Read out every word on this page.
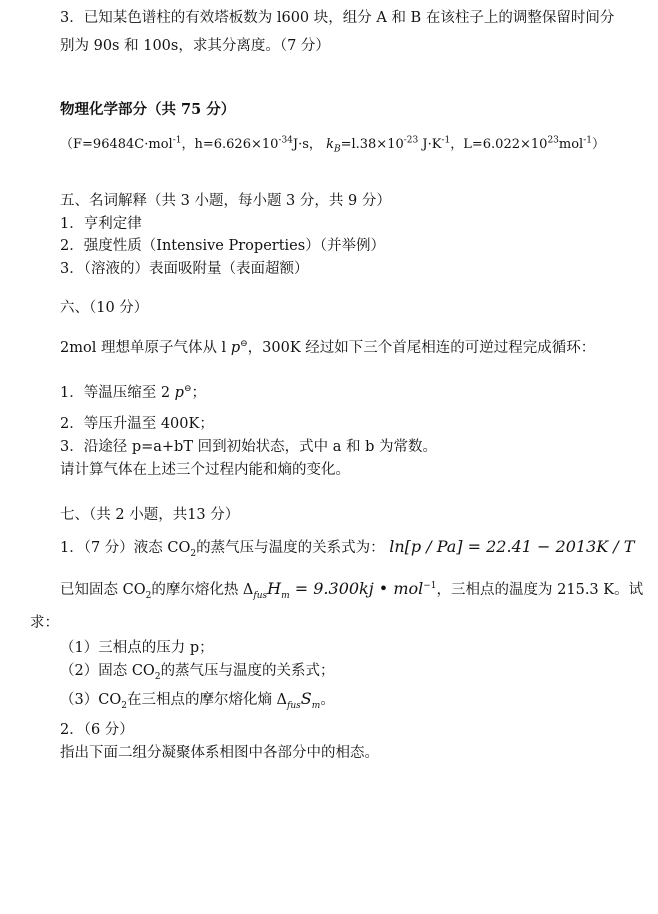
3．已知某色谱柱的有效塔板数为 l600 块，组分 A 和 B 在该柱子上的调整保留时间分
别为 90s 和 100s，求其分离度。（7 分）
物理化学部分（共 75 分）
（F=96484C·mol$^{-1}$，$h=6.626\times 10^{-34}J\cdot s$， $k_B=l.38\times 10^{-23}$ $J\cdot K^{-1}$，$L=6.022\times 10^{23}mol^{-1}$）
五、名词解释（共 3 小题，每小题 3 分，共 9 分）
1．亨利定律
2．强度性质（Intensive Properties）（并举例）
3．（溶液的）表面吸附量（表面超额）
六、（10 分）
2mol 理想单原子气体从 l p⊖，300K 经过如下三个首尾相连的可逆过程完成循环：
1．等温压缩至 2 p⊖；
2．等压升温至 400K；
3．沿途径 p=a+bT 回到初始状态，式中 a 和 b 为常数。
请计算气体在上述三个过程内能和熵的变化。
七、（共 2 小题，共13 分）
1．（7 分）液态 $CO_2$的蒸气压与温度的关系式为： ln[p / Pa] = 22.41 − 2013K / T
已知固态 $CO_2$的摩尔熔化热 $\Delta_{fus}H_m = 9.300kj$ • mol$^{-1}$，三相点的温度为 215.3 K。试
求：
（1）三相点的压力 p；
（2）固态 $CO_2$的蒸气压与温度的关系式；
$(3)CO_2$在三相点的摩尔熔化熵 $\Delta_{fus}S_m$。
2．（6 分）
指出下面二组分凝聚体系相图中各部分中的相态。
